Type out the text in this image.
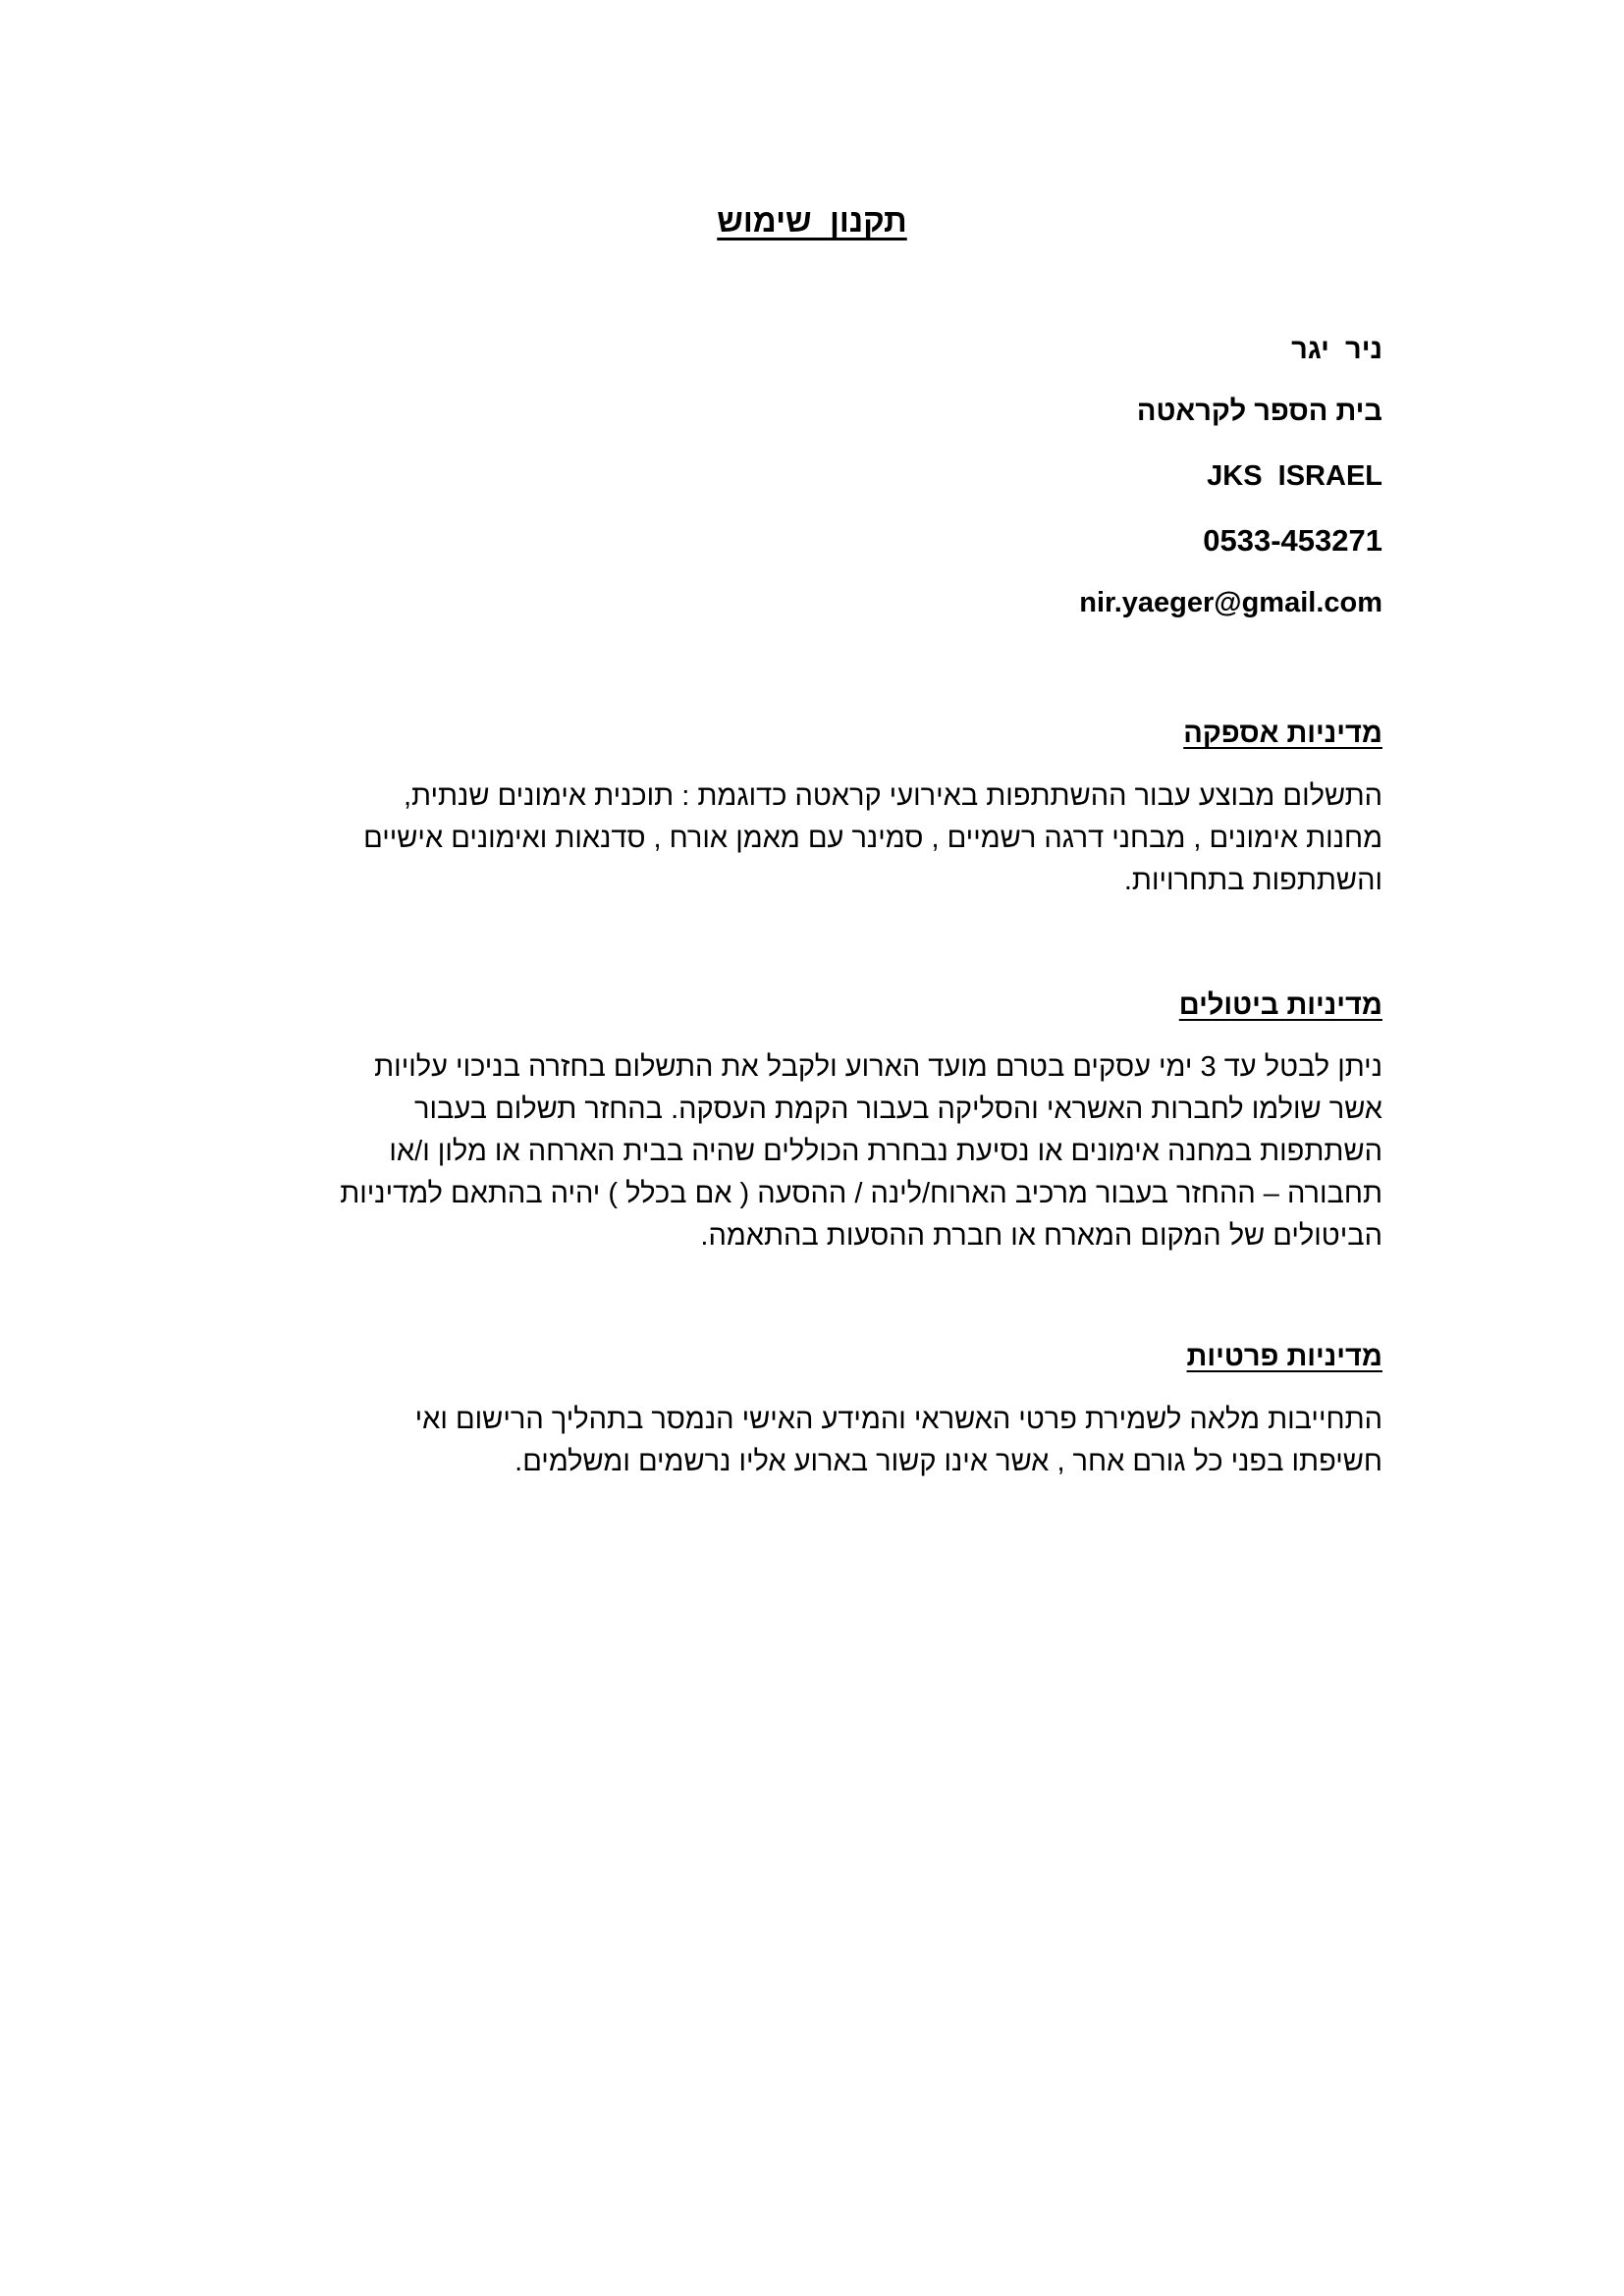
תקנון  שימוש

ניר  יגר

בית הספר לקראטה

JKS  ISRAEL

0533-453271

nir.yaeger@gmail.com

מדיניות אספקה
התשלום מבוצע עבור ההשתתפות באירועי קראטה כדוגמת : תוכנית אימונים שנתית,
מחנות אימונים , מבחני דרגה רשמיים , סמינר עם מאמן אורח , סדנאות ואימונים אישיים
והשתתפות בתחרויות.
מדיניות ביטולים
ניתן לבטל עד 3 ימי עסקים בטרם מועד הארוע ולקבל את התשלום בחזרה בניכוי עלויות
אשר שולמו לחברות האשראי והסליקה בעבור הקמת העסקה. בהחזר תשלום בעבור
השתתפות במחנה אימונים או נסיעת נבחרת הכוללים שהיה בבית הארחה או מלון ו/או
תחבורה – ההחזר בעבור מרכיב הארוח/לינה / ההסעה ( אם בכלל ) יהיה בהתאם למדיניות
הביטולים של המקום המארח או חברת ההסעות בהתאמה.
מדיניות פרטיות
התחייבות מלאה לשמירת פרטי האשראי והמידע האישי הנמסר בתהליך הרישום ואי
חשיפתו בפני כל גורם אחר , אשר אינו קשור בארוע אליו נרשמים ומשלמים.
